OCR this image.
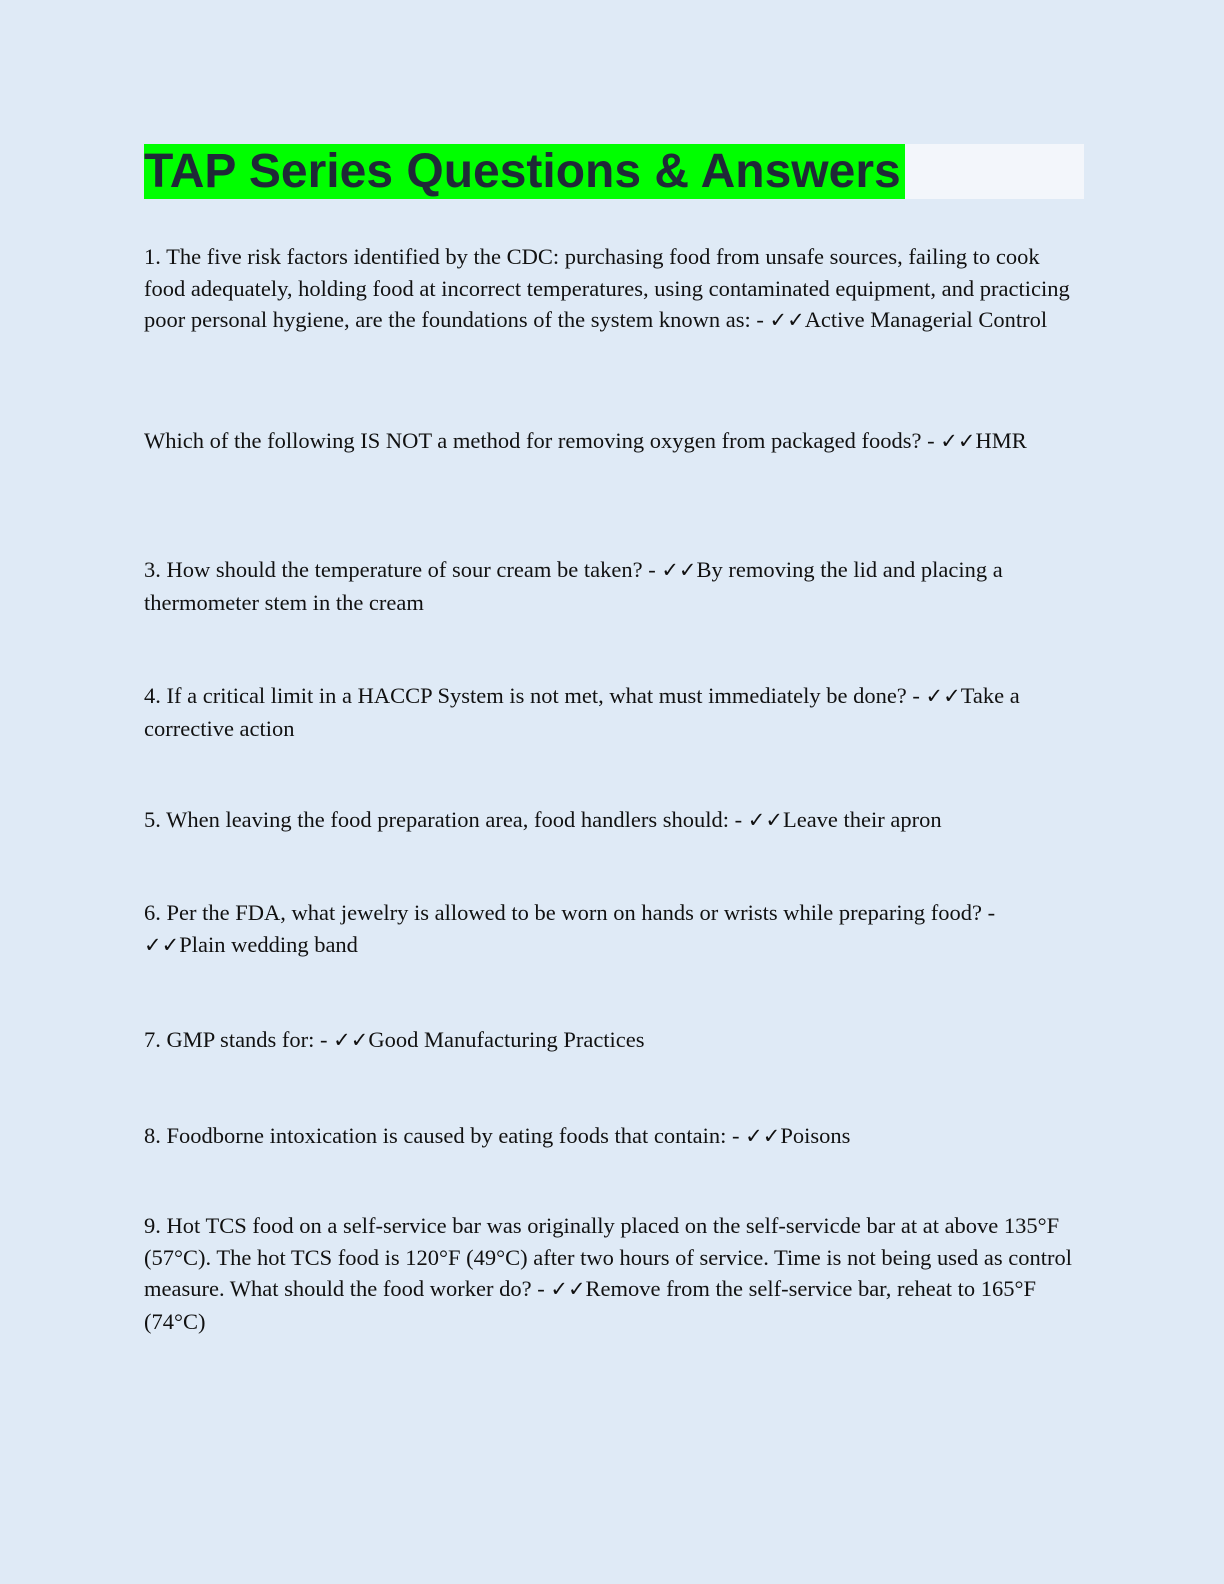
TAP Series Questions & Answers

1. The five risk factors identified by the CDC: purchasing food from unsafe sources, failing to cook food adequately, holding food at incorrect temperatures, using contaminated equipment, and practicing poor personal hygiene, are the foundations of the system known as: - ✓✓Active Managerial Control

Which of the following IS NOT a method for removing oxygen from packaged foods? - ✓✓HMR

3. How should the temperature of sour cream be taken? - ✓✓By removing the lid and placing a thermometer stem in the cream

4. If a critical limit in a HACCP System is not met, what must immediately be done? - ✓✓Take a corrective action

5. When leaving the food preparation area, food handlers should: - ✓✓Leave their apron

6. Per the FDA, what jewelry is allowed to be worn on hands or wrists while preparing food? - ✓✓Plain wedding band

7. GMP stands for: - ✓✓Good Manufacturing Practices

8. Foodborne intoxication is caused by eating foods that contain: - ✓✓Poisons

9. Hot TCS food on a self-service bar was originally placed on the self-servicde bar at at above 135°F (57°C). The hot TCS food is 120°F (49°C) after two hours of service. Time is not being used as control measure. What should the food worker do? - ✓✓Remove from the self-service bar, reheat to 165°F (74°C)
